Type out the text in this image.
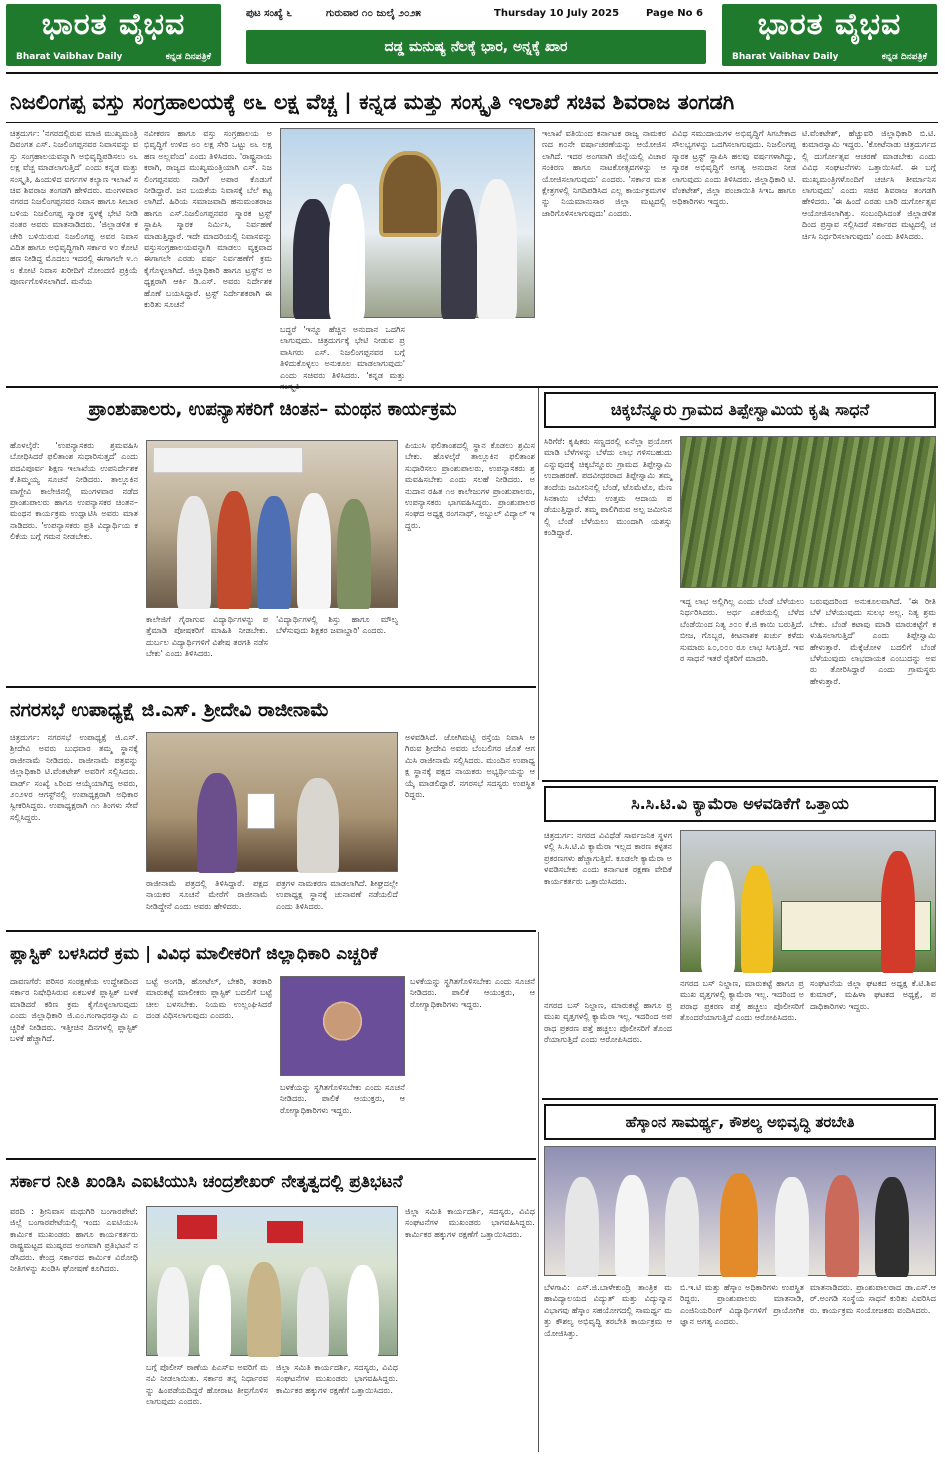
ಭಾರತ ವೈಭವ
Bharat Vaibhav Daily	ಕನ್ನಡ ದಿನಪತ್ರಿಕೆ
ಪುಟ ಸಂಖ್ಯೆ ೬	ಗುರುವಾರ ೧೦ ಜುಲೈ ೨೦೨೫	Thursday 10 July 2025	Page No 6
ದಡ್ಡ ಮನುಷ್ಯ ನೆಲಕ್ಕೆ ಭಾರ, ಅನ್ನಕ್ಕೆ ಖಾರ
ಭಾರತ ವೈಭವ
Bharat Vaibhav Daily	ಕನ್ನಡ ದಿನಪತ್ರಿಕೆ
ನಿಜಲಿಂಗಪ್ಪ ವಸ್ತು ಸಂಗ್ರಹಾಲಯಕ್ಕೆ ೮೬ ಲಕ್ಷ ವೆಚ್ಚ | ಕನ್ನಡ ಮತ್ತು ಸಂಸ್ಕೃತಿ ಇಲಾಖೆ ಸಚಿವ ಶಿವರಾಜ ತಂಗಡಗಿ
ಚಿತ್ರದುರ್ಗ: 'ನಗರದಲ್ಲಿರುವ ಮಾಜಿ ಮುಖ್ಯಮಂತ್ರಿ ದಿವಂಗತ ಎಸ್. ನಿಜಲಿಂಗಪ್ಪನವರ ನಿವಾಸವನ್ನು ವಸ್ತು ಸಂಗ್ರಹಾಲಯವನ್ನಾಗಿ ಅಭಿವೃದ್ಧಿಪಡಿಸಲು ೮೬ ಲಕ್ಷ ವೆಚ್ಚ ಮಾಡಲಾಗುತ್ತಿದೆ' ಎಂದು ಕನ್ನಡ ಮತ್ತು ಸಂಸ್ಕೃತಿ, ಹಿಂದುಳಿದ ವರ್ಗಗಳ ಕಲ್ಯಾಣ ಇಲಾಖೆ ಸಚಿವ ಶಿವರಾಜ ತಂಗಡಗಿ ಹೇಳಿದರು. ಮಂಗಳವಾರ ನಗರದ ನಿಜಲಿಂಗಪ್ಪನವರ ನಿವಾಸ ಹಾಗೂ ಸೀಬಾರ ಬಳಿಯ ನಿಜಲಿಂಗಪ್ಪ ಸ್ಮಾರಕ ಸ್ಥಳಕ್ಕೆ ಭೇಟಿ ನೀಡಿ ನಂತರ ಅವರು ಮಾತನಾಡಿದರು. 'ಜಿಲ್ಲಾಡಳಿತ ಕಚೇರಿ ಬಳಿಯಿರುವ ನಿಜಲಿಂಗಪ್ಪ ಅವರ ನಿವಾಸ ವಿದಿತ ಹಾಗೂ ಅಭಿವೃದ್ಧಿಗಾಗಿ ಸರ್ಕಾರ ೪೦ ಕೋಟಿ ಹಣ ನೀಡಿದ್ದ ಮೊದಲು ಇದರಲ್ಲಿ ಈಗಾಗಲೇ ೪.೧೮ ಕೋಟಿ ನಿವಾಸ ಖರೀದಿಗೆ ನೋಂದಣಿ ಪ್ರಕ್ರಿಯೆ ಪೂರ್ಣಗೊಳಿಸಲಾಗಿದೆ. ಮನೆಯ
ನವೀಕರಣ ಹಾಗೂ ವಸ್ತು ಸಂಗ್ರಹಾಲಯ ಅಭಿವೃದ್ಧಿಗೆ ಉಳಿದ ೮೦ ಲಕ್ಷ ಸೇರಿ ಒಟ್ಟು ೮೬ ಲಕ್ಷ ಹಣ ಅಲ್ಲವೆಂದ' ಎಂದು ತಿಳಿಸಿದರು. 'ರಾಷ್ಟ್ರನಾಯಕರಾಗಿ, ರಾಜ್ಯದ ಮುಖ್ಯಮಂತ್ರಿಯಾಗಿ ಎಸ್. ನಿಜಲಿಂಗಪ್ಪನವರು ನಾಡಿಗೆ ಅಪಾರ ಕೊಡುಗೆ ನೀಡಿದ್ದಾರೆ. ಜನ ಬಯಕೆಯ ನಿವಾಸಕ್ಕೆ ಬೆಲೆ ಕಟ್ಟಲಾಗಿದೆ. ಹಿರಿಯ ಸಮಾಜವಾದಿ ಹನುಮಂತರಾಜ ಹಾಗೂ ಎಸ್.ನಿಜಲಿಂಗಪ್ಪನವರ ಸ್ಮಾರಕ ಟ್ರಸ್ಟ್ ಸ್ಥಾಪಿಸಿ ಸ್ಮಾರಕ ನಿರ್ಮಿಸಿ, ನಿರ್ವಹಣೆ ಮಾಡುತ್ತಿದ್ದಾರೆ. ಇದೇ ಮಾದರಿಯಲ್ಲಿ ನಿವಾಸವನ್ನು ವಸ್ತುಸಂಗ್ರಹಾಲಯವನ್ನಾಗಿ ಮಾಡಲು ವ್ಯಕ್ತವಾದ ಈಗಾಗಲೇ ಎರಡು ವರ್ಷ ನಿರ್ವಹಣೆಗೆ ಕ್ರಮ ಕೈಗೊಳ್ಳಲಾಗಿದೆ. ಜಿಲ್ಲಾಧಿಕಾರಿ ಹಾಗೂ ಟ್ರಸ್ಟ್‌ನ ಅಧ್ಯಕ್ಷರಾಗಿ ಆರ್ಕಿ ಡಿ.ಎಸ್. ಅವರು ನಿರ್ದೇಶಕ ಹೊಣೆ ಬಯಸಿದ್ದಾರೆ. ಟ್ರಸ್ಟ್ ನಿರ್ದೇಶಕರಾಗಿ ಈ ಕುರಿತು ಸೂಚನೆ
ಬದ್ಧರೆ 'ಇನ್ನೂ ಹೆಚ್ಚಿನ ಅನುದಾನ ಒದಗಿಸಲಾಗುವುದು. ಚಿತ್ರದುರ್ಗಕ್ಕೆ ಭೇಟಿ ನೀಡುವ ಪ್ರವಾಸಿಗರು ಎಸ್. ನಿಜಲಿಂಗಪ್ಪನವರ ಬಗ್ಗೆ ತಿಳಿದುಕೊಳ್ಳಲು ಅನುಕೂಲ ಮಾಡಲಾಗುವುದು' ಎಂದು ಸಚಿವರು ತಿಳಿಸಿದರು. 'ಕನ್ನಡ ಮತ್ತು
ಇಲಾಖೆ ವತಿಯಿಂದ ಕರ್ನಾಟಕ ರಾಜ್ಯ ನಾಮಕರಣದ ೫೦ನೇ ವರ್ಷಾಚರಣೆಯನ್ನು ಆಯೋಜಿಸಲಾಗಿದೆ. ಇದರ ಅಂಗವಾಗಿ ಜಿಲ್ಲೆಯಲ್ಲಿ ವಿಚಾರಸಂಕಿರಣ ಹಾಗೂ ನಾಟಕೋತ್ಸವಗಳನ್ನು ಆಯೋಜಿಸಲಾಗುವುದು' ಎಂದರು. 'ಸರ್ಕಾರ ಮತಕ್ಷೇತ್ರಗಳಲ್ಲಿ ನಿಗದಿಪಡಿಸಿದ ಎಲ್ಲ ಕಾರ್ಯಕ್ರಮಗಳನ್ನು ನಿಯಮಾನುಸಾರ ಜಿಲ್ಲಾ ಮಟ್ಟದಲ್ಲಿ ಜಾರಿಗೊಳಿಸಲಾಗುವುದು' ಎಂದರು.
ವಿವಿಧ ಸಮುದಾಯಗಳ ಅಭಿವೃದ್ಧಿಗೆ ಸಿಗಬೇಕಾದ ಸೌಲಭ್ಯಗಳನ್ನು ಒದಗಿಸಲಾಗುವುದು. ನಿಜಲಿಂಗಪ್ಪ ಸ್ಮಾರಕ ಟ್ರಸ್ಟ್ ಸ್ಥಾಪಿಸಿ ಹಲವು ವರ್ಷಗಳಾಗಿದ್ದು, ಸ್ಮಾರಕ ಅಭಿವೃದ್ಧಿಗೆ ಅಗತ್ಯ ಅನುದಾನ ನೀಡಲಾಗುವುದು ಎಂದು ತಿಳಿಸಿದರು. ಜಿಲ್ಲಾಧಿಕಾರಿ ಟಿ. ವೆಂಕಟೇಶ್, ಜಿಲ್ಲಾ ಪಂಚಾಯಿತಿ ಸಿಇಒ ಹಾಗೂ ಅಧಿಕಾರಿಗಳು ಇದ್ದರು.
ಟಿ.ವೆಂಕಟೇಶ್, ಹೆಚ್ಚುವರಿ ಜಿಲ್ಲಾಧಿಕಾರಿ ಬಿ.ಟಿ.ಕುಮಾರಸ್ವಾಮಿ ಇದ್ದರು. 'ಕೋಟೆನಾಡು ಚಿತ್ರದುರ್ಗದಲ್ಲಿ ದುರ್ಗೋತ್ಸವ ಆಚರಣೆ ಮಾಡಬೇಕು ಎಂದು ವಿವಿಧ ಸಂಘಟನೆಗಳು ಒತ್ತಾಯಿಸಿವೆ. ಈ ಬಗ್ಗೆ ಮುಖ್ಯಮಂತ್ರಿಗಳೊಂದಿಗೆ ಚರ್ಚಿಸಿ ತೀರ್ಮಾನಿಸಲಾಗುವುದು' ಎಂದು ಸಚಿವ ಶಿವರಾಜ ತಂಗಡಗಿ ಹೇಳಿದರು. 'ಈ ಹಿಂದೆ ಎರಡು ಬಾರಿ ದುರ್ಗೋತ್ಸವ ಆಯೋಜಿಸಲಾಗಿತ್ತು. ಸಂಬಂಧಿಸಿದಂತೆ ಜಿಲ್ಲಾಡಳಿತದಿಂದ ಪ್ರಸ್ತಾವ ಸಲ್ಲಿಸಿದರೆ ಸರ್ಕಾರದ ಮಟ್ಟದಲ್ಲಿ ಚರ್ಚಿಸಿ ನಿರ್ಧರಿಸಲಾಗುವುದು' ಎಂದು ತಿಳಿಸಿದರು.
ಪ್ರಾಂಶುಪಾಲರು, ಉಪನ್ಯಾಸಕರಿಗೆ ಚಿಂತನ– ಮಂಥನ ಕಾರ್ಯಕ್ರಮ
ಹೊಳಲ್ಕೆರೆ: 'ಉಪನ್ಯಾಸಕರು ಶ್ರಮವಹಿಸಿ ಬೋಧಿಸಿದರೆ ಫಲಿತಾಂಶ ಸುಧಾರಿಸುತ್ತದೆ' ಎಂದು ಪದವಿಪೂರ್ವ ಶಿಕ್ಷಣ ಇಲಾಖೆಯ ಉಪನಿರ್ದೇಶಕ ಕೆ.ತಿಮ್ಮಯ್ಯ ಸೂಚನೆ ನೀಡಿದರು. ತಾಲ್ಲೂಕಿನ ವಾಗ್ದೇವಿ ಕಾಲೇಜಿನಲ್ಲಿ ಮಂಗಳವಾರ ನಡೆದ ಪ್ರಾಂಶುಪಾಲರು ಹಾಗೂ ಉಪನ್ಯಾಸಕರ ಚಿಂತನ– ಮಂಥನ ಕಾರ್ಯಕ್ರಮ ಉದ್ಘಾಟಿಸಿ ಅವರು ಮಾತನಾಡಿದರು. 'ಉಪನ್ಯಾಸಕರು ಪ್ರತಿ ವಿದ್ಯಾರ್ಥಿಯ ಕಲಿಕೆಯ ಬಗ್ಗೆ ಗಮನ ನೀಡಬೇಕು.
ಕಾಲೇಜಿಗೆ ಗೈರಾಗುವ ವಿದ್ಯಾರ್ಥಿಗಳನ್ನು ಪತ್ತೆಮಾಡಿ ಪೋಷಕರಿಗೆ ಮಾಹಿತಿ ನೀಡಬೇಕು. ದುರ್ಬಲ ವಿದ್ಯಾರ್ಥಿಗಳಿಗೆ ವಿಶೇಷ ತರಗತಿ ನಡೆಸಬೇಕು' ಎಂದು ತಿಳಿಸಿದರು.
'ವಿದ್ಯಾರ್ಥಿಗಳಲ್ಲಿ ಶಿಸ್ತು ಹಾಗೂ ಮೌಲ್ಯ ಬೆಳೆಸುವುದು ಶಿಕ್ಷಕರ ಜವಾಬ್ದಾರಿ' ಎಂದರು.
ಪಿಯುಸಿ ಫಲಿತಾಂಶದಲ್ಲಿ ಸ್ಥಾನ ಕೊಡಲು ಶ್ರಮಿಸಬೇಕು. ಹೊಳಲ್ಕೆರೆ ತಾಲ್ಲೂಕಿನ ಫಲಿತಾಂಶ ಸುಧಾರಿಸಲು ಪ್ರಾಂಶುಪಾಲರು, ಉಪನ್ಯಾಸಕರು ಶ್ರಮವಹಿಸಬೇಕು ಎಂದು ಸಲಹೆ ನೀಡಿದರು. ಅನುದಾನ ರಹಿತ ೧೮ ಕಾಲೇಜುಗಳ ಪ್ರಾಂಶುಪಾಲರು, ಉಪನ್ಯಾಸಕರು ಭಾಗವಹಿಸಿದ್ದರು. ಪ್ರಾಂಶುಪಾಲರ ಸಂಘದ ಅಧ್ಯಕ್ಷ ರಂಗನಾಥ್, ಅಬ್ದುಲ್ ವಿದ್ಯಾಲ್ ಇದ್ದರು.
ಚಿಕ್ಕಬೆನ್ನೂರು ಗ್ರಾಮದ ತಿಪ್ಪೇಸ್ವಾಮಿಯ ಕೃಷಿ ಸಾಧನೆ
ಸಿರಿಗೆರೆ: ಕೃಷಿಕರು ಸಣ್ಣದರಲ್ಲಿ ಏನೆಲ್ಲಾ ಪ್ರಯೋಗ ಮಾಡಿ ಬೆಳೆಗಳನ್ನು ಬೆಳೆದು ಲಾಭ ಗಳಿಸಬಹುದು ಎನ್ನುವುದಕ್ಕೆ ಚಿಕ್ಕಬೆನ್ನೂರು ಗ್ರಾಮದ ತಿಪ್ಪೇಸ್ವಾಮಿ ಉದಾಹರಣೆ. ಪದವೀಧರರಾದ ತಿಪ್ಪೇಸ್ವಾಮಿ ತಮ್ಮ ತಂದೆಯ ಜಮೀನಿನಲ್ಲಿ ಬೆಂಡೆ, ಟೊಮೆಟೊ, ಮೆಣಸಿನಕಾಯಿ ಬೆಳೆದು ಉತ್ತಮ ಆದಾಯ ಪಡೆಯುತ್ತಿದ್ದಾರೆ. ತಮ್ಮ ಪಾಲಿಗಿರುವ ಅಲ್ಪ ಜಮೀನಿನಲ್ಲಿ ಬೆಂಡೆ ಬೆಳೆಯಲು ಮುಂದಾಗಿ ಯಶಸ್ಸು ಕಂಡಿದ್ದಾರೆ.
ಇದ್ದ ಲಾಭ ಅಲ್ಲಿಗಿಲ್ಲ ಎಂದು ಬೆಂಡೆ ಬೆಳೆಯಲು ನಿರ್ಧರಿಸಿದರು. ಅರ್ಧ ಎಕರೆಯಲ್ಲಿ ಬೆಳೆದ ಬೆಂಡೆಯಿಂದ ನಿತ್ಯ ೨೦೦ ಕೆ.ಜಿ ಕಾಯಿ ಬರುತ್ತಿದೆ. ಬೀಜ, ಗೊಬ್ಬರ, ಕೀಟನಾಶಕ ಖರ್ಚು ಕಳೆದು ಸುಮಾರು ೩೦,೦೦೦ ರೂ ಲಾಭ ಸಿಗುತ್ತಿದೆ. ಇವರ ಸಾಧನೆ ಇತರೆ ರೈತರಿಗೆ ಮಾದರಿ.
ಬರುವುದರಿಂದ ಅನುಕೂಲವಾಗಿದೆ. 'ಈ ರೀತಿ ಬೆಳೆ ಬೆಳೆಯುವುದು ಸುಲಭ ಅಲ್ಲ. ನಿತ್ಯ ಶ್ರಮ ಬೇಕು. ಬೆಂಡೆ ಕಟಾವು ಮಾಡಿ ಮಾರುಕಟ್ಟೆಗೆ ಕಳುಹಿಸಲಾಗುತ್ತಿದೆ' ಎಂದು ತಿಪ್ಪೇಸ್ವಾಮಿ ಹೇಳುತ್ತಾರೆ. ಮೆಕ್ಕೆಜೋಳ ಬದಲಿಗೆ ಬೆಂಡೆ ಬೆಳೆಯುವುದು ಲಾಭದಾಯಕ ಎಂಬುದನ್ನು ಅವರು ತೋರಿಸಿದ್ದಾರೆ ಎಂದು ಗ್ರಾಮಸ್ಥರು ಹೇಳುತ್ತಾರೆ.
ನಗರಸಭೆ ಉಪಾಧ್ಯಕ್ಷೆ ಜಿ.ಎಸ್. ಶ್ರೀದೇವಿ ರಾಜೀನಾಮೆ
ಚಿತ್ರದುರ್ಗ: ನಗರಸಭೆ ಉಪಾಧ್ಯಕ್ಷೆ ಜಿ.ಎಸ್.ಶ್ರೀದೇವಿ ಅವರು ಬುಧವಾರ ತಮ್ಮ ಸ್ಥಾನಕ್ಕೆ ರಾಜೀನಾಮೆ ನೀಡಿದರು. ರಾಜೀನಾಮೆ ಪತ್ರವನ್ನು ಜಿಲ್ಲಾಧಿಕಾರಿ ಟಿ.ವೆಂಕಟೇಶ್ ಅವರಿಗೆ ಸಲ್ಲಿಸಿದರು. ವಾರ್ಡ್ ಸಂಖ್ಯೆ ೬ರಿಂದ ಆಯ್ಕೆಯಾಗಿದ್ದ ಅವರು, ೨೦೨೪ರ ಆಗಸ್ಟ್‌ನಲ್ಲಿ ಉಪಾಧ್ಯಕ್ಷರಾಗಿ ಅಧಿಕಾರ ಸ್ವೀಕರಿಸಿದ್ದರು. ಉಪಾಧ್ಯಕ್ಷರಾಗಿ ೧೧ ತಿಂಗಳು ಸೇವೆ ಸಲ್ಲಿಸಿದ್ದರು.
ರಾಜೀನಾಮೆ ಪತ್ರದಲ್ಲಿ ತಿಳಿಸಿದ್ದಾರೆ. ಪಕ್ಷದ ನಾಯಕರ ಸೂಚನೆ ಮೇರೆಗೆ ರಾಜೀನಾಮೆ ನೀಡಿದ್ದೇನೆ ಎಂದು ಅವರು ಹೇಳಿದರು.
ಪತ್ರಗಳ ನಾಮಕರಣ ಮಾಡಲಾಗಿದೆ. ಶೀಘ್ರದಲ್ಲೇ ಉಪಾಧ್ಯಕ್ಷ ಸ್ಥಾನಕ್ಕೆ ಚುನಾವಣೆ ನಡೆಯಲಿದೆ ಎಂದು ತಿಳಿಸಿದರು.
ಅಳವಡಿಸಿದೆ. ಜೋಗಿಮಟ್ಟಿ ರಸ್ತೆಯ ನಿವಾಸಿ ಆಗಿರುವ ಶ್ರೀದೇವಿ ಅವರು ಬೆಂಬಲಿಗರ ಜೊತೆ ಆಗಮಿಸಿ ರಾಜೀನಾಮೆ ಸಲ್ಲಿಸಿದರು. ಮುಂದಿನ ಉಪಾಧ್ಯಕ್ಷ ಸ್ಥಾನಕ್ಕೆ ಪಕ್ಷದ ನಾಯಕರು ಅಭ್ಯರ್ಥಿಯನ್ನು ಆಯ್ಕೆ ಮಾಡಲಿದ್ದಾರೆ. ನಗರಸಭೆ ಸದಸ್ಯರು ಉಪಸ್ಥಿತರಿದ್ದರು.	ಸಿ.ಸಿ.ಟಿ.ವಿ ಕ್ಯಾಮೆರಾ ಅಳವಡಿಕೆಗೆ ಒತ್ತಾಯ
ಚಿತ್ರದುರ್ಗ: ನಗರದ ವಿವಿಧೆಡೆ ಸಾರ್ವಜನಿಕ ಸ್ಥಳಗಳಲ್ಲಿ ಸಿ.ಸಿ.ಟಿ.ವಿ ಕ್ಯಾಮೆರಾ ಇಲ್ಲದ ಕಾರಣ ಕಳ್ಳತನ ಪ್ರಕರಣಗಳು ಹೆಚ್ಚಾಗುತ್ತಿವೆ. ಕೂಡಲೇ ಕ್ಯಾಮೆರಾ ಅಳವಡಿಸಬೇಕು ಎಂದು ಕರ್ನಾಟಕ ರಕ್ಷಣಾ ವೇದಿಕೆ ಕಾರ್ಯಕರ್ತರು ಒತ್ತಾಯಿಸಿದರು.
ನಗರದ ಬಸ್ ನಿಲ್ದಾಣ, ಮಾರುಕಟ್ಟೆ ಹಾಗೂ ಪ್ರಮುಖ ವೃತ್ತಗಳಲ್ಲಿ ಕ್ಯಾಮೆರಾ ಇಲ್ಲ. ಇದರಿಂದ ಅಪರಾಧ ಪ್ರಕರಣ ಪತ್ತೆ ಹಚ್ಚಲು ಪೊಲೀಸರಿಗೆ ತೊಂದರೆಯಾಗುತ್ತಿದೆ ಎಂದು ಆರೋಪಿಸಿದರು.
ನಗರದ ಬಸ್ ನಿಲ್ದಾಣ, ಮಾರುಕಟ್ಟೆ ಹಾಗೂ ಪ್ರಮುಖ ವೃತ್ತಗಳಲ್ಲಿ ಕ್ಯಾಮೆರಾ ಇಲ್ಲ. ಇದರಿಂದ ಅಪರಾಧ ಪ್ರಕರಣ ಪತ್ತೆ ಹಚ್ಚಲು ಪೊಲೀಸರಿಗೆ ತೊಂದರೆಯಾಗುತ್ತಿದೆ ಎಂದು ಆರೋಪಿಸಿದರು.
ಸಂಘಟನೆಯ ಜಿಲ್ಲಾ ಘಟಕದ ಅಧ್ಯಕ್ಷ ಕೆ.ಟಿ.ಶಿವಕುಮಾರ್, ಮಹಿಳಾ ಘಟಕದ ಅಧ್ಯಕ್ಷೆ, ಪದಾಧಿಕಾರಿಗಳು ಇದ್ದರು.
ಪ್ಲಾಸ್ಟಿಕ್ ಬಳಸಿದರೆ ಕ್ರಮ | ವಿವಿಧ ಮಾಲೀಕರಿಗೆ ಜಿಲ್ಲಾಧಿಕಾರಿ ಎಚ್ಚರಿಕೆ
ದಾವಣಗೆರೆ: ಪರಿಸರ ಸಂರಕ್ಷಣೆಯ ಉದ್ದೇಶದಿಂದ ಸರ್ಕಾರ ನಿಷೇಧಿಸಿರುವ ಏಕಬಳಕೆ ಪ್ಲಾಸ್ಟಿಕ್ ಬಳಕೆ ಮಾಡಿದರೆ ಕಠಿಣ ಕ್ರಮ ಕೈಗೊಳ್ಳಲಾಗುವುದು ಎಂದು ಜಿಲ್ಲಾಧಿಕಾರಿ ಜಿ.ಎಂ.ಗಂಗಾಧರಸ್ವಾಮಿ ಎಚ್ಚರಿಕೆ ನೀಡಿದರು. ಇತ್ತೀಚಿನ ದಿನಗಳಲ್ಲಿ ಪ್ಲಾಸ್ಟಿಕ್ ಬಳಕೆ ಹೆಚ್ಚಾಗಿದೆ.
ಬಟ್ಟೆ ಅಂಗಡಿ, ಹೋಟೆಲ್, ಬೇಕರಿ, ತರಕಾರಿ ಮಾರುಕಟ್ಟೆ ಮಾಲೀಕರು ಪ್ಲಾಸ್ಟಿಕ್ ಬದಲಿಗೆ ಬಟ್ಟೆ ಚೀಲ ಬಳಸಬೇಕು. ನಿಯಮ ಉಲ್ಲಂಘಿಸಿದರೆ ದಂಡ ವಿಧಿಸಲಾಗುವುದು ಎಂದರು.
ಬಳಕೆಯನ್ನು ಸ್ಥಗಿತಗೊಳಿಸಬೇಕು ಎಂದು ಸೂಚನೆ ನೀಡಿದರು. ಪಾಲಿಕೆ ಆಯುಕ್ತರು, ಆರೋಗ್ಯಾಧಿಕಾರಿಗಳು ಇದ್ದರು.
ಬಳಕೆಯನ್ನು ಸ್ಥಗಿತಗೊಳಿಸಬೇಕು ಎಂದು ಸೂಚನೆ ನೀಡಿದರು. ಪಾಲಿಕೆ ಆಯುಕ್ತರು, ಆರೋಗ್ಯಾಧಿಕಾರಿಗಳು ಇದ್ದರು.
ಹೆಸ್ಕಾಂನ ಸಾಮರ್ಥ್ಯ, ಕೌಶಲ್ಯ ಅಭಿವೃದ್ಧಿ ತರಬೇತಿ
ಬೆಳಗಾವಿ: ಎಸ್.ಜಿ.ಬಾಳೇಕುಂದ್ರಿ ತಾಂತ್ರಿಕ ಮಹಾವಿದ್ಯಾಲಯದ ವಿದ್ಯುತ್ ಮತ್ತು ವಿದ್ಯುನ್ಮಾನ ವಿಭಾಗವು ಹೆಸ್ಕಾಂ ಸಹಯೋಗದಲ್ಲಿ ಸಾಮರ್ಥ್ಯ ಮತ್ತು ಕೌಶಲ್ಯ ಅಭಿವೃದ್ಧಿ ತರಬೇತಿ ಕಾರ್ಯಕ್ರಮ ಆಯೋಜಿಸಿತ್ತು.
ಬಿ.ಇ.ಟಿ ಮತ್ತು ಹೆಸ್ಕಾಂ ಅಧಿಕಾರಿಗಳು ಉಪಸ್ಥಿತರಿದ್ದರು. ಪ್ರಾಂಶುಪಾಲರು ಮಾತನಾಡಿ, ಎಂಜಿನಿಯರಿಂಗ್ ವಿದ್ಯಾರ್ಥಿಗಳಿಗೆ ಪ್ರಾಯೋಗಿಕ ಜ್ಞಾನ ಅಗತ್ಯ ಎಂದರು.
ಮಾತನಾಡಿದರು. ಪ್ರಾಂಶುಪಾಲರಾದ ಡಾ.ಎಸ್.ಆರ್.ಅಂಗಡಿ ಸಂಸ್ಥೆಯ ಸಾಧನೆ ಕುರಿತು ವಿವರಿಸಿದರು. ಕಾರ್ಯಕ್ರಮ ಸಂಯೋಜಕರು ವಂದಿಸಿದರು.
ಸರ್ಕಾರ ನೀತಿ ಖಂಡಿಸಿ ಎಐಟಿಯುಸಿ ಚಂದ್ರಶೇಖರ್ ನೇತೃತ್ವದಲ್ಲಿ ಪ್ರತಿಭಟನೆ
ವರದಿ : ಶ್ರೀನಿವಾಸ ಮಧುಗಿರಿ ಬಂಗಾರಪೇಟೆ: ಜಿಲ್ಲೆ ಬಂಗಾರಪೇಟೆಯಲ್ಲಿ ಇಂದು ಎಐಟಿಯುಸಿ ಕಾರ್ಮಿಕ ಮುಖಂಡರು ಹಾಗೂ ಕಾರ್ಯಕರ್ತರು ರಾಷ್ಟ್ರಮಟ್ಟದ ಮುಷ್ಕರದ ಅಂಗವಾಗಿ ಪ್ರತಿಭಟನೆ ನಡೆಸಿದರು. ಕೇಂದ್ರ ಸರ್ಕಾರದ ಕಾರ್ಮಿಕ ವಿರೋಧಿ ನೀತಿಗಳನ್ನು ಖಂಡಿಸಿ ಘೋಷಣೆ ಕೂಗಿದರು.
ಬಗ್ಗೆ ಪೊಲೀಸ್ ಠಾಣೆಯ ಪಿಎಸ್ಐ ಅವರಿಗೆ ಮನವಿ ನೀಡಲಾಯಿತು. ಸರ್ಕಾರ ತನ್ನ ನಿರ್ಧಾರವನ್ನು ಹಿಂಪಡೆಯದಿದ್ದರೆ ಹೋರಾಟ ತೀವ್ರಗೊಳಿಸಲಾಗುವುದು ಎಂದರು.
ಜಿಲ್ಲಾ ಸಮಿತಿ ಕಾರ್ಯದರ್ಶಿ, ಸದಸ್ಯರು, ವಿವಿಧ ಸಂಘಟನೆಗಳ ಮುಖಂಡರು ಭಾಗವಹಿಸಿದ್ದರು. ಕಾರ್ಮಿಕರ ಹಕ್ಕುಗಳ ರಕ್ಷಣೆಗೆ ಒತ್ತಾಯಿಸಿದರು.
ಜಿಲ್ಲಾ ಸಮಿತಿ ಕಾರ್ಯದರ್ಶಿ, ಸದಸ್ಯರು, ವಿವಿಧ ಸಂಘಟನೆಗಳ ಮುಖಂಡರು ಭಾಗವಹಿಸಿದ್ದರು. ಕಾರ್ಮಿಕರ ಹಕ್ಕುಗಳ ರಕ್ಷಣೆಗೆ ಒತ್ತಾಯಿಸಿದರು.
